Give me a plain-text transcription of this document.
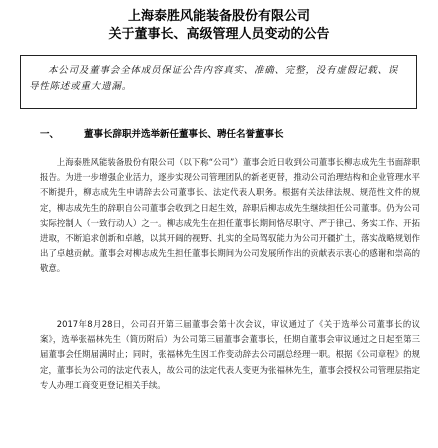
上海泰胜风能装备股份有限公司
关于董事长、高级管理人员变动的公告
本公司及董事会全体成员保证公告内容真实、准确、完整，没有虚假记载、误导性陈述或重大遗漏。
一、	董事长辞职并选举新任董事长、聘任名誉董事长
上海泰胜风能装备股份有限公司（以下称“公司”）董事会近日收到公司董事长柳志成先生书面辞职报告。为进一步增强企业活力，逐步实现公司管理团队的新老更替，推动公司治理结构和企业管理水平不断提升，柳志成先生申请辞去公司董事长、法定代表人职务。根据有关法律法规、规范性文件的规定，柳志成先生的辞职自公司董事会收到之日起生效，辞职后柳志成先生继续担任公司董事。仍为公司实际控制人（一致行动人）之一。柳志成先生在担任董事长期间恪尽职守、严于律己、务实工作、开拓进取，不断追求创新和卓越，以其开阔的视野、扎实的全局驾驭能力为公司开疆扩土，落实战略规划作出了卓越贡献。董事会对柳志成先生担任董事长期间为公司发展所作出的贡献表示衷心的感谢和崇高的敬意。
2017年8月28日，公司召开第三届董事会第十次会议，审议通过了《关于选举公司董事长的议案》，选举张福林先生（简历附后）为公司第三届董事会董事长，任期自董事会审议通过之日起至第三届董事会任期届满时止；同时，张福林先生因工作变动辞去公司副总经理一职。根据《公司章程》的规定，董事长为公司的法定代表人，故公司的法定代表人变更为张福林先生，董事会授权公司管理层指定专人办理工商变更登记相关手续。
